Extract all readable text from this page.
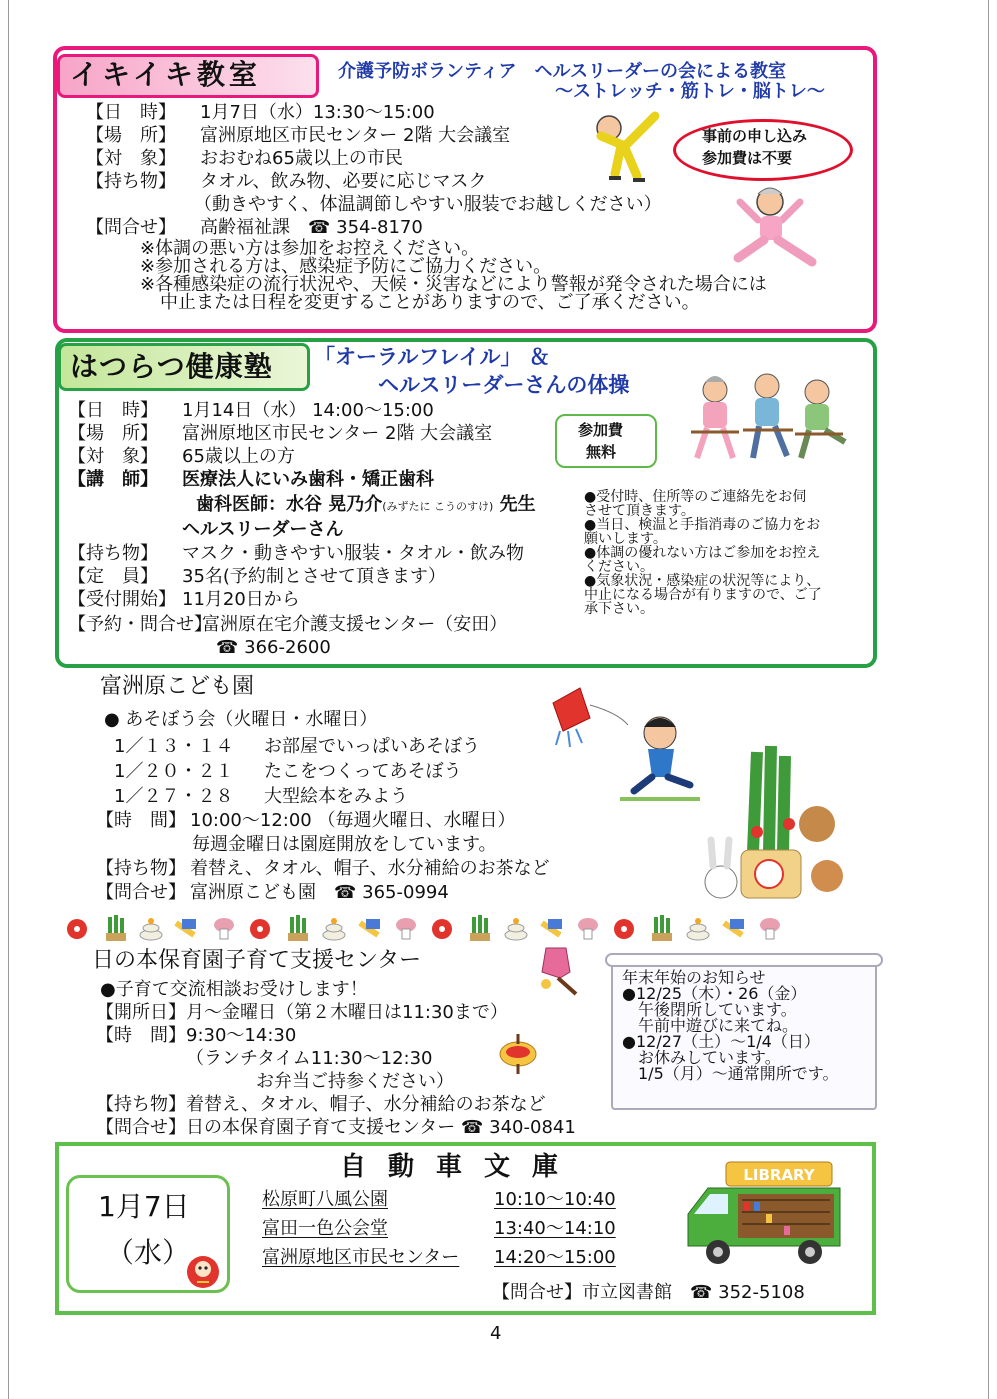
イキイキ教室	介護予防ボランティア　ヘルスリーダーの会による教室
～ストレッチ・筋トレ・脳トレ～
【日　時】 1月7日（水）13:30～15:00
【場　所】 富洲原地区市民センター 2階 大会議室
【対　象】 おおむね65歳以上の市民
【持ち物】 タオル、飲み物、必要に応じマスク
（動きやすく、体温調節しやすい服装でお越しください）
【問合せ】 高齢福祉課　☎ 354-8170
※体調の悪い方は参加をお控えください。
※参加される方は、感染症予防にご協力ください。
※各種感染症の流行状況や、天候・災害などにより警報が発令された場合には
中止または日程を変更することがありますので、ご了承ください。
事前の申し込み
参加費は不要
はつらつ健康塾 「オーラルフレイル」 ＆
ヘルスリーダーさんの体操
参加費
無料
【日　時】 1月14日（水） 14:00～15:00
【場　所】 富洲原地区市民センター 2階 大会議室
【対　象】 65歳以上の方
【講　師】 医療法人にいみ歯科・矯正歯科
歯科医師：水谷 晃乃介(みずたに こうのすけ) 先生
ヘルスリーダーさん
【持ち物】 マスク・動きやすい服装・タオル・飲み物
【定　員】 35名(予約制とさせて頂きます）
【受付開始】 11月20日から
【予約・問合せ】富洲原在宅介護支援センター（安田）
☎ 366-2600
●受付時、住所等のご連絡先をお伺
させて頂きます。
●当日、検温と手指消毒のご協力をお
願いします。
●体調の優れない方はご参加をお控え
ください。
●気象状況・感染症の状況等により、
中止になる場合が有りますので、ご了
承下さい。
富洲原こども園
● あそぼう会（火曜日・水曜日）
1／１３・１４ お部屋でいっぱいあそぼう
1／２０・２１ たこをつくってあそぼう
1／２７・２８ 大型絵本をみよう
【時　間】 10:00～12:00 （毎週火曜日、水曜日）
毎週金曜日は園庭開放をしています。
【持ち物】 着替え、タオル、帽子、水分補給のお茶など
【問合せ】 富洲原こども園　☎ 365-0994
日の本保育園子育て支援センター
●子育て交流相談お受けします！
【開所日】月～金曜日（第２木曜日は11:30まで）
【時　間】9:30～14:30
（ランチタイム11:30～12:30
お弁当ご持参ください）
【持ち物】着替え、タオル、帽子、水分補給のお茶など
【問合せ】日の本保育園子育て支援センター ☎ 340-0841
年末年始のお知らせ
●12/25（木）・26（金）
　午後閉所しています。
　午前中遊びに来てね。
●12/27（土）～1/4（日）
　お休みしています。
　1/5（月）～通常開所です。
自動車文庫
1月7日
（水）
松原町八風公園	10:10～10:40
富田一色公会堂	13:40～14:10
富洲原地区市民センター 14:20～15:00
【問合せ】市立図書館　☎ 352-5108
LIBRARY
4
